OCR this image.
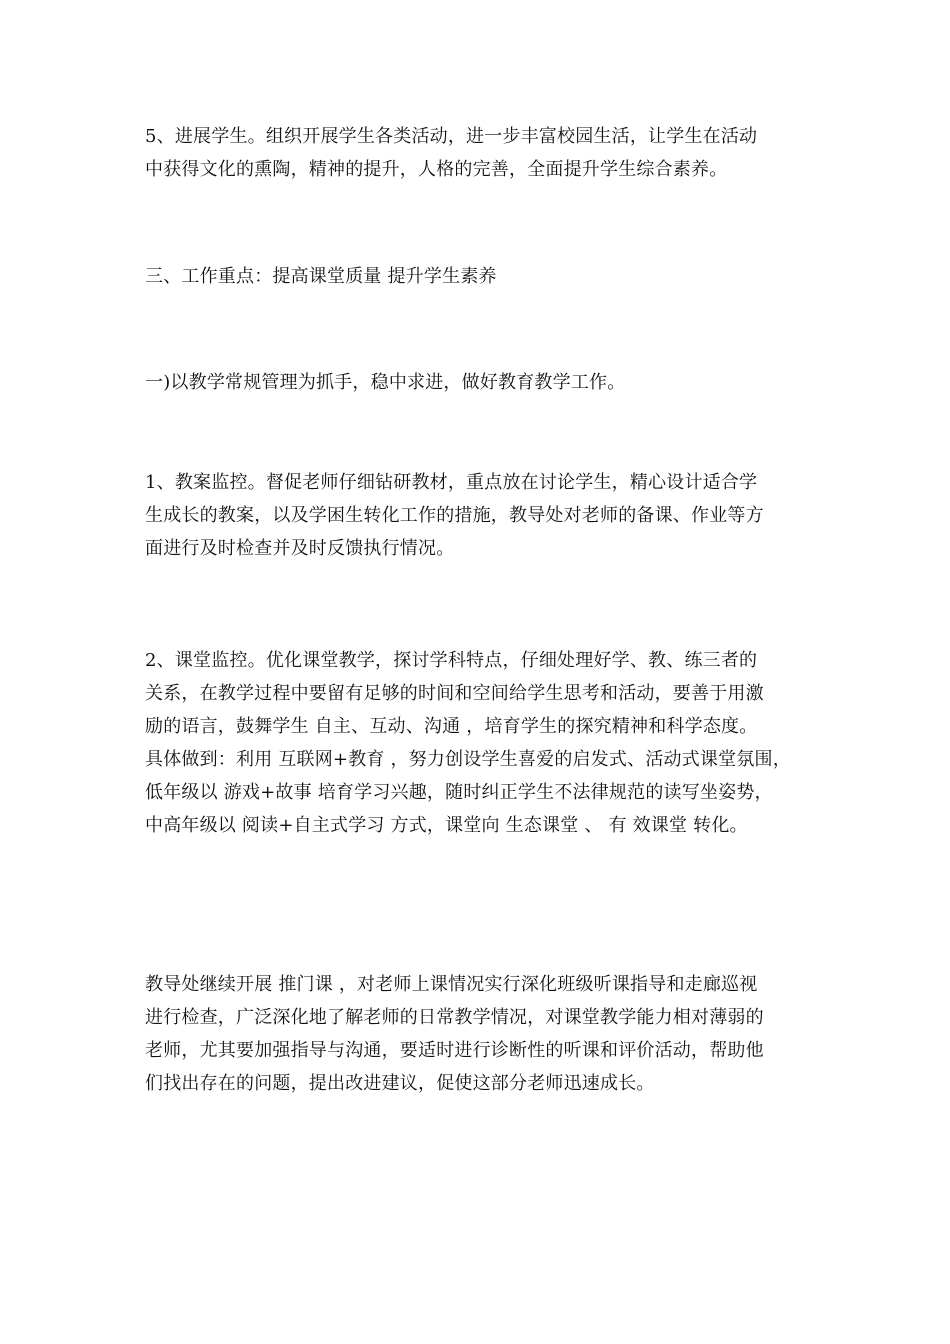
5、进展学生。组织开展学生各类活动，进一步丰富校园生活，让学生在活动
中获得文化的熏陶，精神的提升，人格的完善，全面提升学生综合素养。

三、工作重点：提高课堂质量 提升学生素养

一)以教学常规管理为抓手，稳中求进，做好教育教学工作。

1、教案监控。督促老师仔细钻研教材，重点放在讨论学生，精心设计适合学
生成长的教案，以及学困生转化工作的措施，教导处对老师的备课、作业等方
面进行及时检查并及时反馈执行情况。

2、课堂监控。优化课堂教学，探讨学科特点，仔细处理好学、教、练三者的
关系，在教学过程中要留有足够的时间和空间给学生思考和活动，要善于用激
励的语言，鼓舞学生 自主、互动、沟通 ，培育学生的探究精神和科学态度。
具体做到：利用 互联网+教育 ，努力创设学生喜爱的启发式、活动式课堂氛围，
低年级以 游戏+故事 培育学习兴趣，随时纠正学生不法律规范的读写坐姿势，
中高年级以 阅读+自主式学习 方式，课堂向 生态课堂 、 有 效课堂 转化。

教导处继续开展 推门课 ，对老师上课情况实行深化班级听课指导和走廊巡视
进行检查，广泛深化地了解老师的日常教学情况，对课堂教学能力相对薄弱的
老师，尤其要加强指导与沟通，要适时进行诊断性的听课和评价活动，帮助他
们找出存在的问题，提出改进建议，促使这部分老师迅速成长。
